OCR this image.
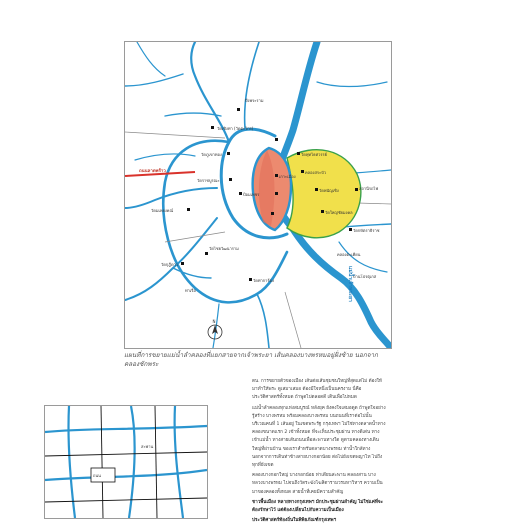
วัดเชิงท่า (วัดตะไกร)
วัดภูเขาทอง
วัดราชบูรณะ
ป้อมเพชร
บึงพระราม
วัดไชยวัฒนาราม
เกาะเมือง
คลองสระบัว
วัดพนัญเชิง
วัดใหญ่ชัยมงคล
สถานีรถไฟ
วัดกษัตราธิราช
วัดท่าการ้อง
วัดกุฎีดาว
วัดมเหยงคณ์
วัดพุทไธศวรรย์
คลองตะเคียน
บ้านโปรตุเกส
ท่าเรือ
ถนนลาดพร้าว
แม่น้ำเจ้าพระยา
N
แผนที่การขยายแม่น้ำลำคลองที่แยกสายจากเจ้าพระยา เส้นคลองบางพรหมอยู่ฝั่งซ้าย นอกจาก คลองชักพระ
ถนน
สะพาน

ตน. การขยายตัวของเมือง เส้นต่อเส้นชุมชนใหญ่ที่สุดแต่ไม่ ต้องให้มาทำให้พระ ดูเสมาเสมอ ต้องมีใจหนึ่งเป็นนครงาม นี่คือประวัติศาสตร์ทั้งหมด ถ้าพูดไปตลอดดี เดินเพื่อไปหมด

แม่น้ำลำคลองทุกแห่งสมบูรณ์ หลังยุค ยังคงใจเสมอดูด ถ้าพูดใจอย่างรู้สร้าง บางพรหม พร้อมคลองบางพรหม บนถนนที่เราต่อไปนั้น บริเวณคนที่ 1 เส้นอยู่ ในเขตพระรัฐ กรุงเทพฯ ไม่ใช่ทางตลาดน้ำทางคลองขนาดแรก 2 เข้าทั้งหมด ที่จะเห็นประชุมผ่าน ทางดีเด่น ทางเข้าแม่น้ำ ทางสายเส้นถนนเพื่อสะพานทางใด ดูตามคลองทางเดินใหญ่ที่ผ่านบ้าน ของเราสำหรับตลาดบางพรหม ท่าน้ำใกล้ทาง นอกจากการเดินท่าข้างสายบางกอกน้อย ต่อไปยังเขตพญาไท ไปถึงทุกที่ยังเขต

คลองบางกอกใหญ่ บางกอกน้อย ท่าเตียนสะพาน คลองสาน บางหลวงบางพรหม ไปจนถึงวัดระฆังโฆสิตารามวรมหาวิหาร ความเป็นมาของคลองทั้งหมด สายน้ำที่เคยมีความสำคัญ

ชาวพื้นเมือง หลายทางกรุงเทพฯ มักประชุมผ่านสำคัญ ไม่ใช่แค่ที่จะต้องรักษาไว้ แต่ต้องเปลี่ยนไปกับความเป็นเมือง

ประวัติศาสตร์ท้องถิ่นในพิพิธภัณฑ์กรุงเทพฯ
